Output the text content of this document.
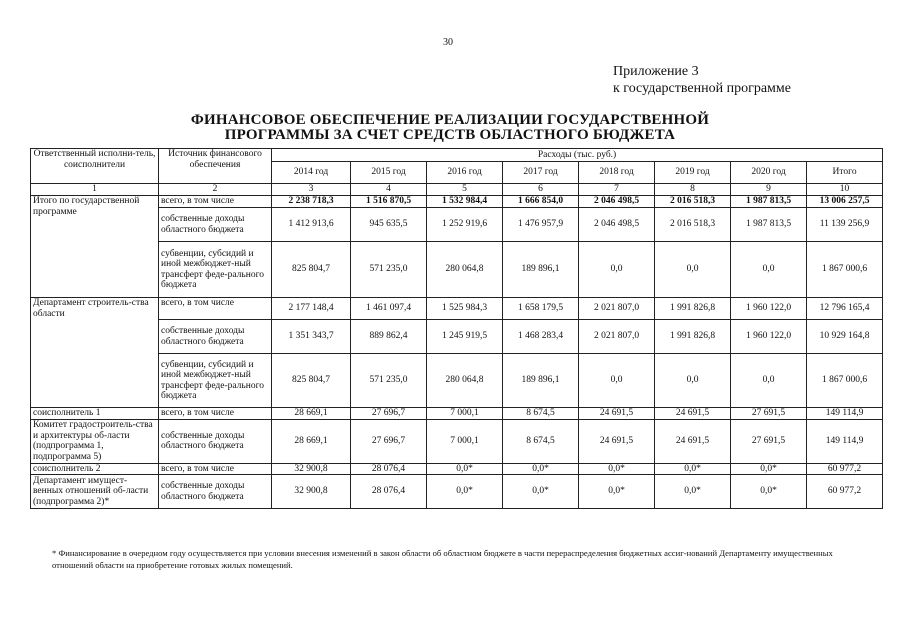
30
Приложение 3
к государственной программе
ФИНАНСОВОЕ ОБЕСПЕЧЕНИЕ РЕАЛИЗАЦИИ ГОСУДАРСТВЕННОЙ
ПРОГРАММЫ ЗА СЧЕТ СРЕДСТВ ОБЛАСТНОГО БЮДЖЕТА
Ответственный исполни-тель, соисполнители	Источник финансового обеспечения	Расходы (тыс. руб.)							
		2014 год	2015 год	2016 год	2017 год	2018 год	2019 год	2020 год	Итого
1	2	3	4	5	6	7	8	9	10
Итого по государственной программе	всего, в том числе	2 238 718,3	1 516 870,5	1 532 984,4	1 666 854,0	2 046 498,5	2 016 518,3	1 987 813,5	13 006 257,5
	собственные доходы областного бюджета	1 412 913,6	945 635,5	1 252 919,6	1 476 957,9	2 046 498,5	2 016 518,3	1 987 813,5	11 139 256,9
	субвенции, субсидий и иной межбюджет-ный трансферт феде-рального бюджета	825 804,7	571 235,0	280 064,8	189 896,1	0,0	0,0	0,0	1 867 000,6
Департамент строитель-ства области	всего, в том числе	2 177 148,4	1 461 097,4	1 525 984,3	1 658 179,5	2 021 807,0	1 991 826,8	1 960 122,0	12 796 165,4
	собственные доходы областного бюджета	1 351 343,7	889 862,4	1 245 919,5	1 468 283,4	2 021 807,0	1 991 826,8	1 960 122,0	10 929 164,8
	субвенции, субсидий и иной межбюджет-ный трансферт феде-рального бюджета	825 804,7	571 235,0	280 064,8	189 896,1	0,0	0,0	0,0	1 867 000,6
соисполнитель 1	всего, в том числе	28 669,1	27 696,7	7 000,1	8 674,5	24 691,5	24 691,5	27 691,5	149 114,9
Комитет градостроитель-ства и архитектуры об-ласти (подпрограмма 1, подпрограмма 5)	собственные доходы областного бюджета	28 669,1	27 696,7	7 000,1	8 674,5	24 691,5	24 691,5	27 691,5	149 114,9
соисполнитель 2	всего, в том числе	32 900,8	28 076,4	0,0*	0,0*	0,0*	0,0*	0,0*	60 977,2
Департамент имущест-венных отношений об-ласти (подпрограмма 2)*	собственные доходы областного бюджета	32 900,8	28 076,4	0,0*	0,0*	0,0*	0,0*	0,0*	60 977,2
* Финансирование в очередном году осуществляется при условии внесения изменений в закон области об областном бюджете в части перераспределения бюджетных ассиг-нований Департаменту имущественных отношений области на приобретение готовых жилых помещений.
